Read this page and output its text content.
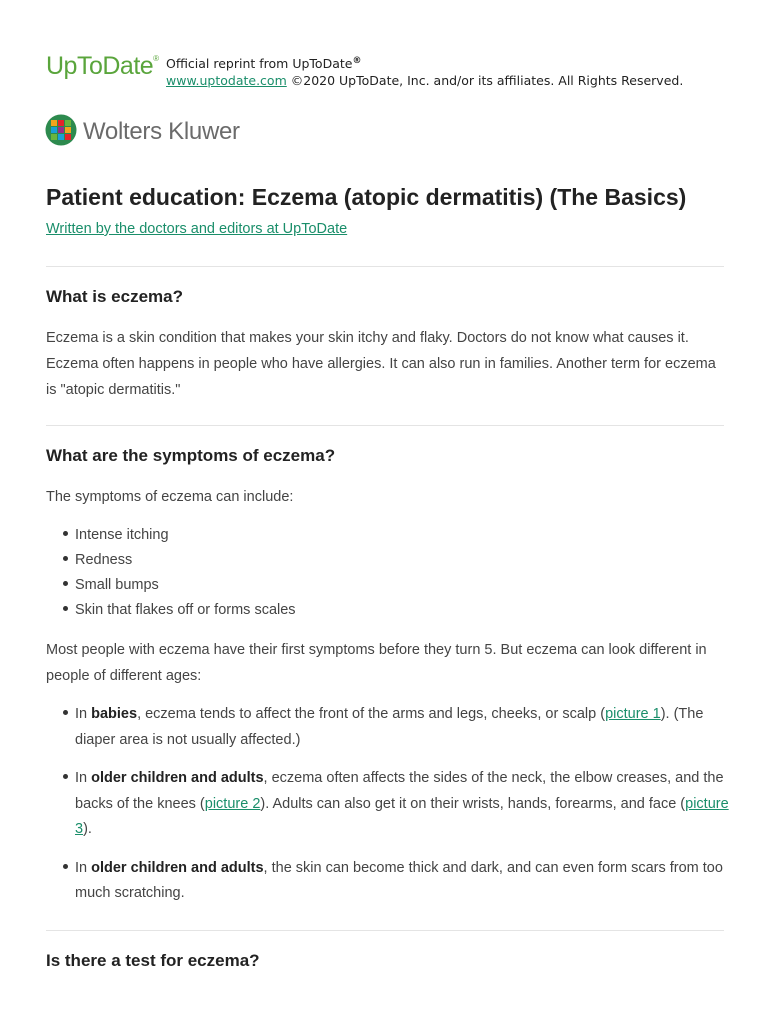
UpToDate® Official reprint from UpToDate®
www.uptodate.com ©2020 UpToDate, Inc. and/or its affiliates. All Rights Reserved.
Wolters Kluwer
Patient education: Eczema (atopic dermatitis) (The Basics)
Written by the doctors and editors at UpToDate
What is eczema?

Eczema is a skin condition that makes your skin itchy and flaky. Doctors do not know what causes it. Eczema often happens in people who have allergies. It can also run in families. Another term for eczema is "atopic dermatitis."

What are the symptoms of eczema?

The symptoms of eczema can include:

Intense itching
Redness
Small bumps
Skin that flakes off or forms scales

Most people with eczema have their first symptoms before they turn 5. But eczema can look different in people of different ages:

In babies, eczema tends to affect the front of the arms and legs, cheeks, or scalp (picture 1). (The diaper area is not usually affected.)
In older children and adults, eczema often affects the sides of the neck, the elbow creases, and the backs of the knees (picture 2). Adults can also get it on their wrists, hands, forearms, and face (picture 3).
In older children and adults, the skin can become thick and dark, and can even form scars from too much scratching.
Is there a test for eczema?
